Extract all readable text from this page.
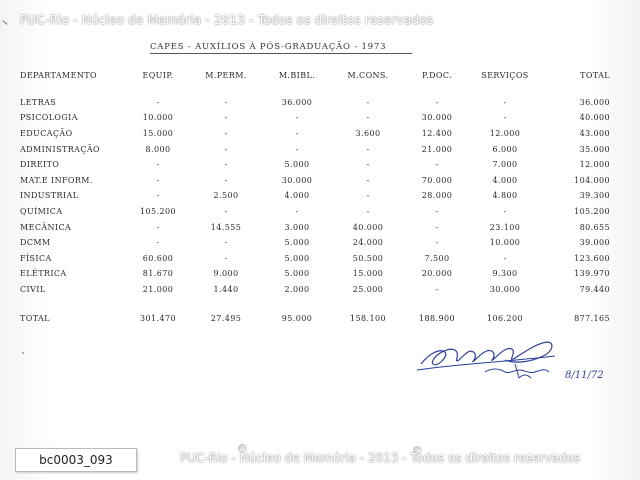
PUC-Rio - Núcleo de Memória - 2013 - Todos os direitos reservados
CAPES - AUXÍLIOS À PÓS-GRADUAÇÃO - 1973
DEPARTAMENTO	EQUIP.	M.PERM.	M.BIBL.	M.CONS.	P.DOC.	SERVIÇOS	TOTAL

LETRAS	-	-	36.000	-	-	-	36.000
PSICOLOGIA	10.000	-	-	-	30.000	-	40.000
EDUCAÇÃO	15.000	-	-	3.600	12.400	12.000	43.000
ADMINISTRAÇÃO	8.000	-	-	-	21.000	6.000	35.000
DIREITO	-	-	5.000	-	-	7.000	12.000
MAT.E INFORM.	-	-	30.000	-	70.000	4.000	104.000
INDUSTRIAL	-	2.500	4.000	-	28.000	4.800	39.300
QUÍMICA	105.200	-	-	-	-	-	105.200
MECÂNICA	-	14.555	3.000	40.000	-	23.100	80.655
DCMM	-	-	5.000	24.000	-	10.000	39.000
FÍSICA	60.600	-	5.000	50.500	7.500	-	123.600
ELÉTRICA	81.670	9.000	5.000	15.000	20.000	9.300	139.970
CIVIL	21.000	1.440	2.000	25.000	-	30.000	79.440

TOTAL	301.470	27.495	95.000	158.100	188.900	106.200	877.165
8/11/72
PUC-Rio - Núcleo de Memória - 2013 - Todos os direitos reservados
bc0003_093
